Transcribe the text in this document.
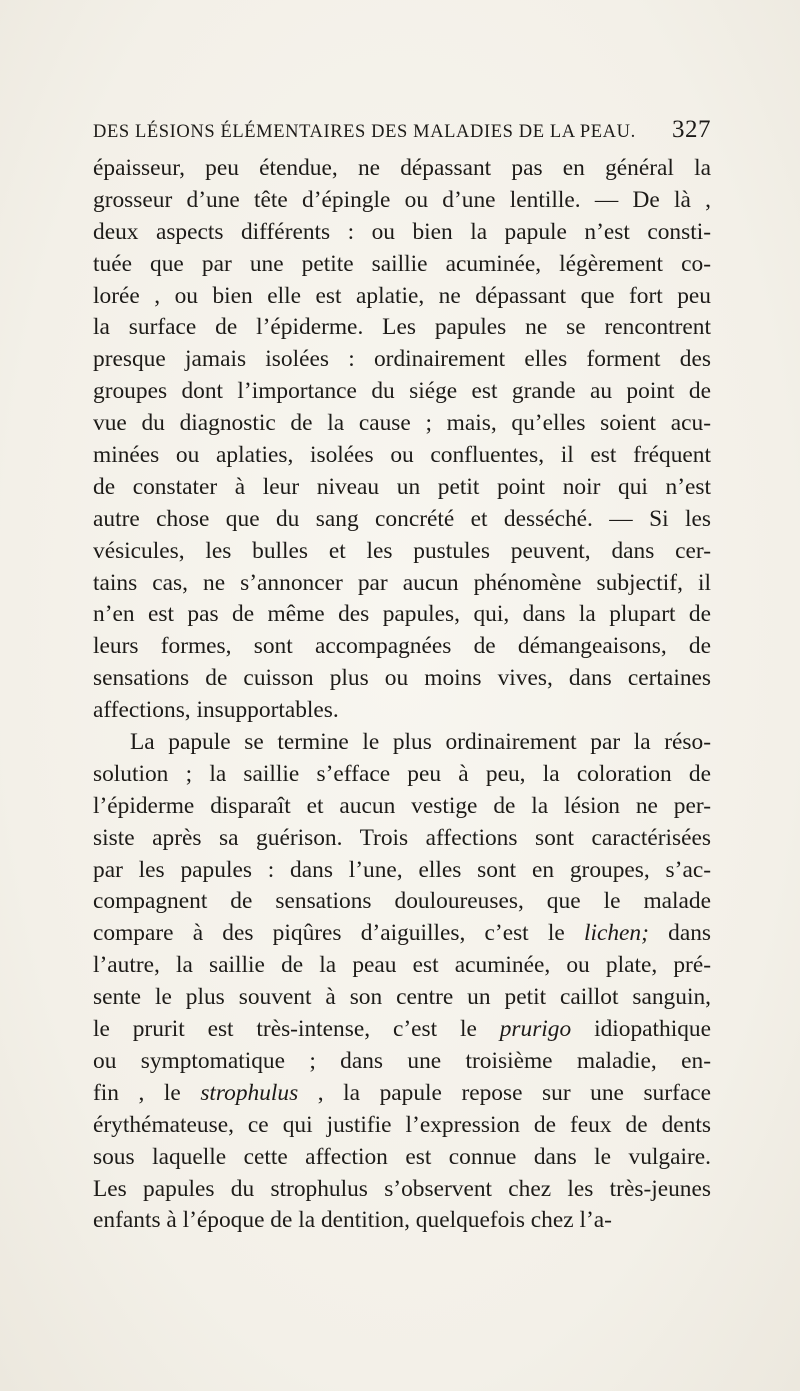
DES LÉSIONS ÉLÉMENTAIRES DES MALADIES DE LA PEAU. 327
épaisseur, peu étendue, ne dépassant pas en général la
grosseur d’une tête d’épingle ou d’une lentille. — De là ,
deux aspects différents : ou bien la papule n’est consti-
tuée que par une petite saillie acuminée, légèrement co-
lorée , ou bien elle est aplatie, ne dépassant que fort peu
la surface de l’épiderme. Les papules ne se rencontrent
presque jamais isolées : ordinairement elles forment des
groupes dont l’importance du siége est grande au point de
vue du diagnostic de la cause ; mais, qu’elles soient acu-
minées ou aplaties, isolées ou confluentes, il est fréquent
de constater à leur niveau un petit point noir qui n’est
autre chose que du sang concrété et desséché. — Si les
vésicules, les bulles et les pustules peuvent, dans cer-
tains cas, ne s’annoncer par aucun phénomène subjectif, il
n’en est pas de même des papules, qui, dans la plupart de
leurs formes, sont accompagnées de démangeaisons, de
sensations de cuisson plus ou moins vives, dans certaines
affections, insupportables.
La papule se termine le plus ordinairement par la réso-
solution ; la saillie s’efface peu à peu, la coloration de
l’épiderme disparaît et aucun vestige de la lésion ne per-
siste après sa guérison. Trois affections sont caractérisées
par les papules : dans l’une, elles sont en groupes, s’ac-
compagnent de sensations douloureuses, que le malade
compare à des piqûres d’aiguilles, c’est le lichen; dans
l’autre, la saillie de la peau est acuminée, ou plate, pré-
sente le plus souvent à son centre un petit caillot sanguin,
le prurit est très-intense, c’est le prurigo idiopathique
ou symptomatique ; dans une troisième maladie, en-
fin , le strophulus , la papule repose sur une surface
érythémateuse, ce qui justifie l’expression de feux de dents
sous laquelle cette affection est connue dans le vulgaire.
Les papules du strophulus s’observent chez les très-jeunes
enfants à l’époque de la dentition, quelquefois chez l’a-
